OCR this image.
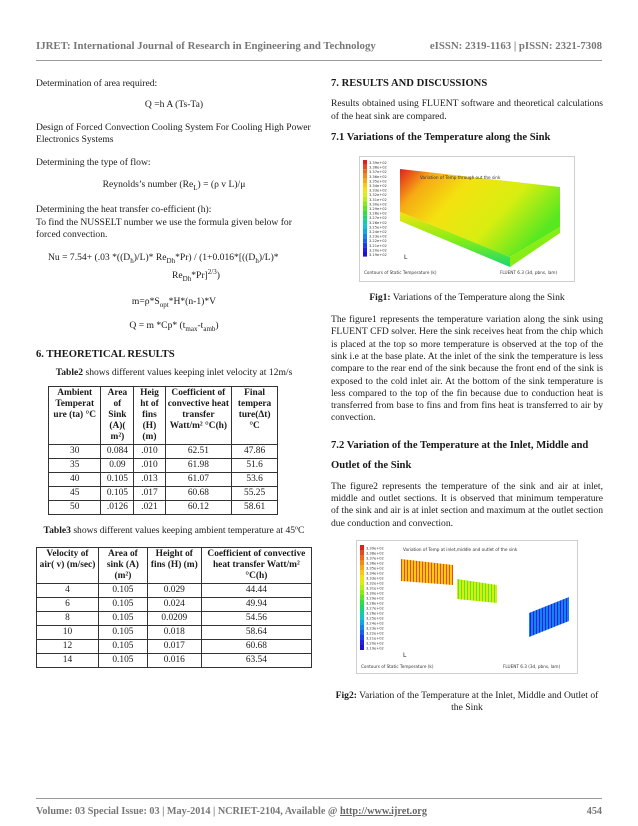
IJRET: International Journal of Research in Engineering and Technology	eISSN: 2319-1163 | pISSN: 2321-7308

Determination of area required:

Q =h A (Ts-Ta)

Design of Forced Convection Cooling System For Cooling High Power Electronics Systems

Determining the type of flow:

Reynolds’s number $(Re_L) = (\rho$ v L)/μ

Determining the heat transfer co-efficient (h):

To find the NUSSELT number we use the formula given below for forced convection.

Nu = 7.54+ (.03 $*((D_h)/L)*$ $Re_{Dh}*Pr) / (1+0.016*[((D_h)/L)*$
$Re_{Dh}*Pr]^{2/3}$)

$m=\rho*S_{opt}*H*(n-1)*V$

Q = m *Cp* $(t_{max}-t_{amb})$

6. THEORETICAL RESULTS

Table2 shows different values keeping inlet velocity at 12m/s

Ambient Temperat ure (ta) °C	Area of Sink (A)( m²)	Heig ht of fins (H) (m)	Coefficient of convective heat transfer Watt/m² °C(h)	Final tempera ture(Δt) °C
30	0.084	.010	62.51	47.86
35	0.09	.010	61.98	51.6
40	0.105	.013	61.07	53.6
45	0.105	.017	60.68	55.25
50	.0126	.021	60.12	58.61

Table3 shows different values keeping ambient temperature at 45ºC

Velocity of air( v) (m/sec)	Area of sink (A) (m²)	Height of fins (H) (m)	Coefficient of convective heat transfer Watt/m² °C(h)
4	0.105	0.029	44.44
6	0.105	0.024	49.94
8	0.105	0.0209	54.56
10	0.105	0.018	58.64
12	0.105	0.017	60.68
14	0.105	0.016	63.54
7. RESULTS AND DISCUSSIONS

Results obtained using FLUENT software and theoretical calculations of the heat sink are compared.

7.1 Variations of the Temperature along the Sink
3.39e+02
3.38e+02
3.37e+02
3.36e+02
3.35e+02
3.34e+02
3.33e+02
3.32e+02
3.31e+02
3.30e+02
3.29e+02
3.28e+02
3.27e+02
3.26e+02
3.25e+02
3.24e+02
3.23e+02
3.22e+02
3.21e+02
3.20e+02
3.19e+02
Variation of Temp through out the sink
L
Contours of Static Temperature (k)	FLUENT 6.3 (3d, pbns, lam)

Fig1: Variations of the Temperature along the Sink

The figure1 represents the temperature variation along the sink using FLUENT CFD solver. Here the sink receives heat from the chip which is placed at the top so more temperature is observed at the top of the sink i.e at the base plate. At the inlet of the sink the temperature is less compare to the rear end of the sink because the front end of the sink is exposed to the cold inlet air. At the bottom of the sink temperature is less compared to the top of the fin because due to conduction heat is transferred from base to fins and from fins heat is transferred to air by convection.

7.2 Variation of the Temperature at the Inlet, Middle and Outlet of the Sink

The figure2 represents the temperature of the sink and air at inlet, middle and outlet sections. It is observed that minimum temperature of the sink and air is at inlet section and maximum at the outlet section due conduction and convection.

3.39e+02
3.38e+02
3.37e+02
3.36e+02
3.35e+02
3.34e+02
3.33e+02
3.32e+02
3.31e+02
3.30e+02
3.29e+02
3.28e+02
3.27e+02
3.26e+02
3.25e+02
3.24e+02
3.23e+02
3.22e+02
3.21e+02
3.20e+02
3.19e+02
Variation of Temp at inlet,middle and outlet of the sink
L
Contours of Static Temperature (k)	FLUENT 6.3 (3d, pbns, lam)

Fig2: Variation of the Temperature at the Inlet, Middle and Outlet of the Sink

Volume: 03 Special Issue: 03 | May-2014 | NCRIET-2104, Available @ http://www.ijret.org	454
